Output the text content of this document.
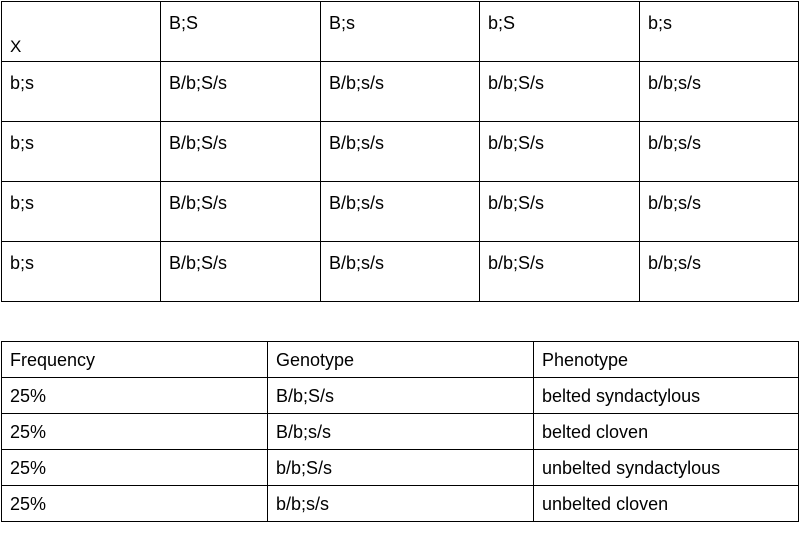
X	B;S	B;s	b;S	b;s
b;s	B/b;S/s	B/b;s/s	b/b;S/s	b/b;s/s
b;s	B/b;S/s	B/b;s/s	b/b;S/s	b/b;s/s
b;s	B/b;S/s	B/b;s/s	b/b;S/s	b/b;s/s
b;s	B/b;S/s	B/b;s/s	b/b;S/s	b/b;s/s
Frequency	Genotype	Phenotype
25%	B/b;S/s	belted syndactylous
25%	B/b;s/s	belted cloven
25%	b/b;S/s	unbelted syndactylous
25%	b/b;s/s	unbelted cloven
